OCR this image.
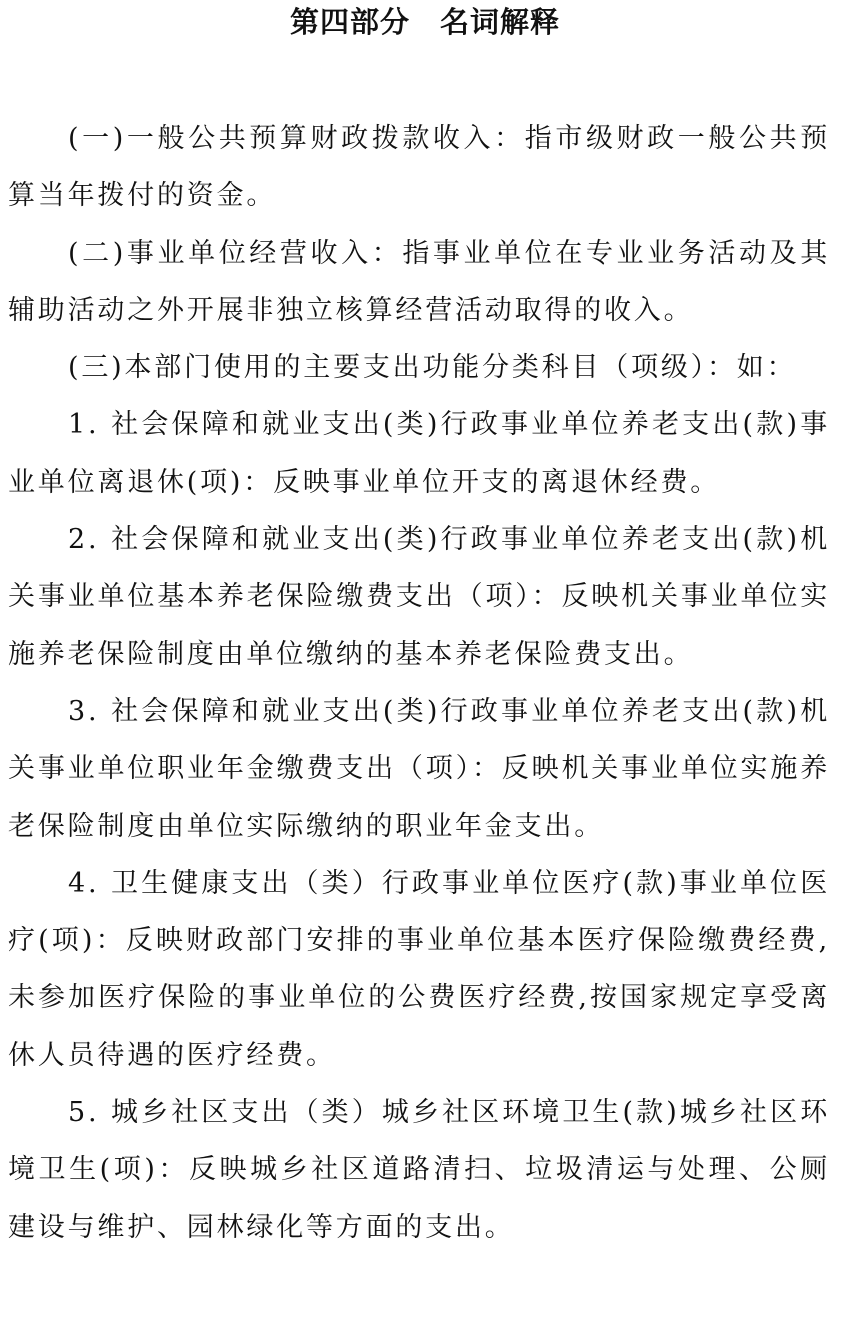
第四部分　名词解释

(一)一般公共预算财政拨款收入：指市级财政一般公共预算当年拨付的资金。

(二)事业单位经营收入：指事业单位在专业业务活动及其辅助活动之外开展非独立核算经营活动取得的收入。

(三)本部门使用的主要支出功能分类科目（项级）：如：

1. 社会保障和就业支出(类)行政事业单位养老支出(款)事业单位离退休(项)：反映事业单位开支的离退休经费。

2. 社会保障和就业支出(类)行政事业单位养老支出(款)机关事业单位基本养老保险缴费支出（项）：反映机关事业单位实施养老保险制度由单位缴纳的基本养老保险费支出。

3. 社会保障和就业支出(类)行政事业单位养老支出(款)机关事业单位职业年金缴费支出（项）：反映机关事业单位实施养老保险制度由单位实际缴纳的职业年金支出。

4. 卫生健康支出（类）行政事业单位医疗(款)事业单位医疗(项)：反映财政部门安排的事业单位基本医疗保险缴费经费,未参加医疗保险的事业单位的公费医疗经费,按国家规定享受离休人员待遇的医疗经费。

5. 城乡社区支出（类）城乡社区环境卫生(款)城乡社区环境卫生(项)：反映城乡社区道路清扫、垃圾清运与处理、公厕建设与维护、园林绿化等方面的支出。
